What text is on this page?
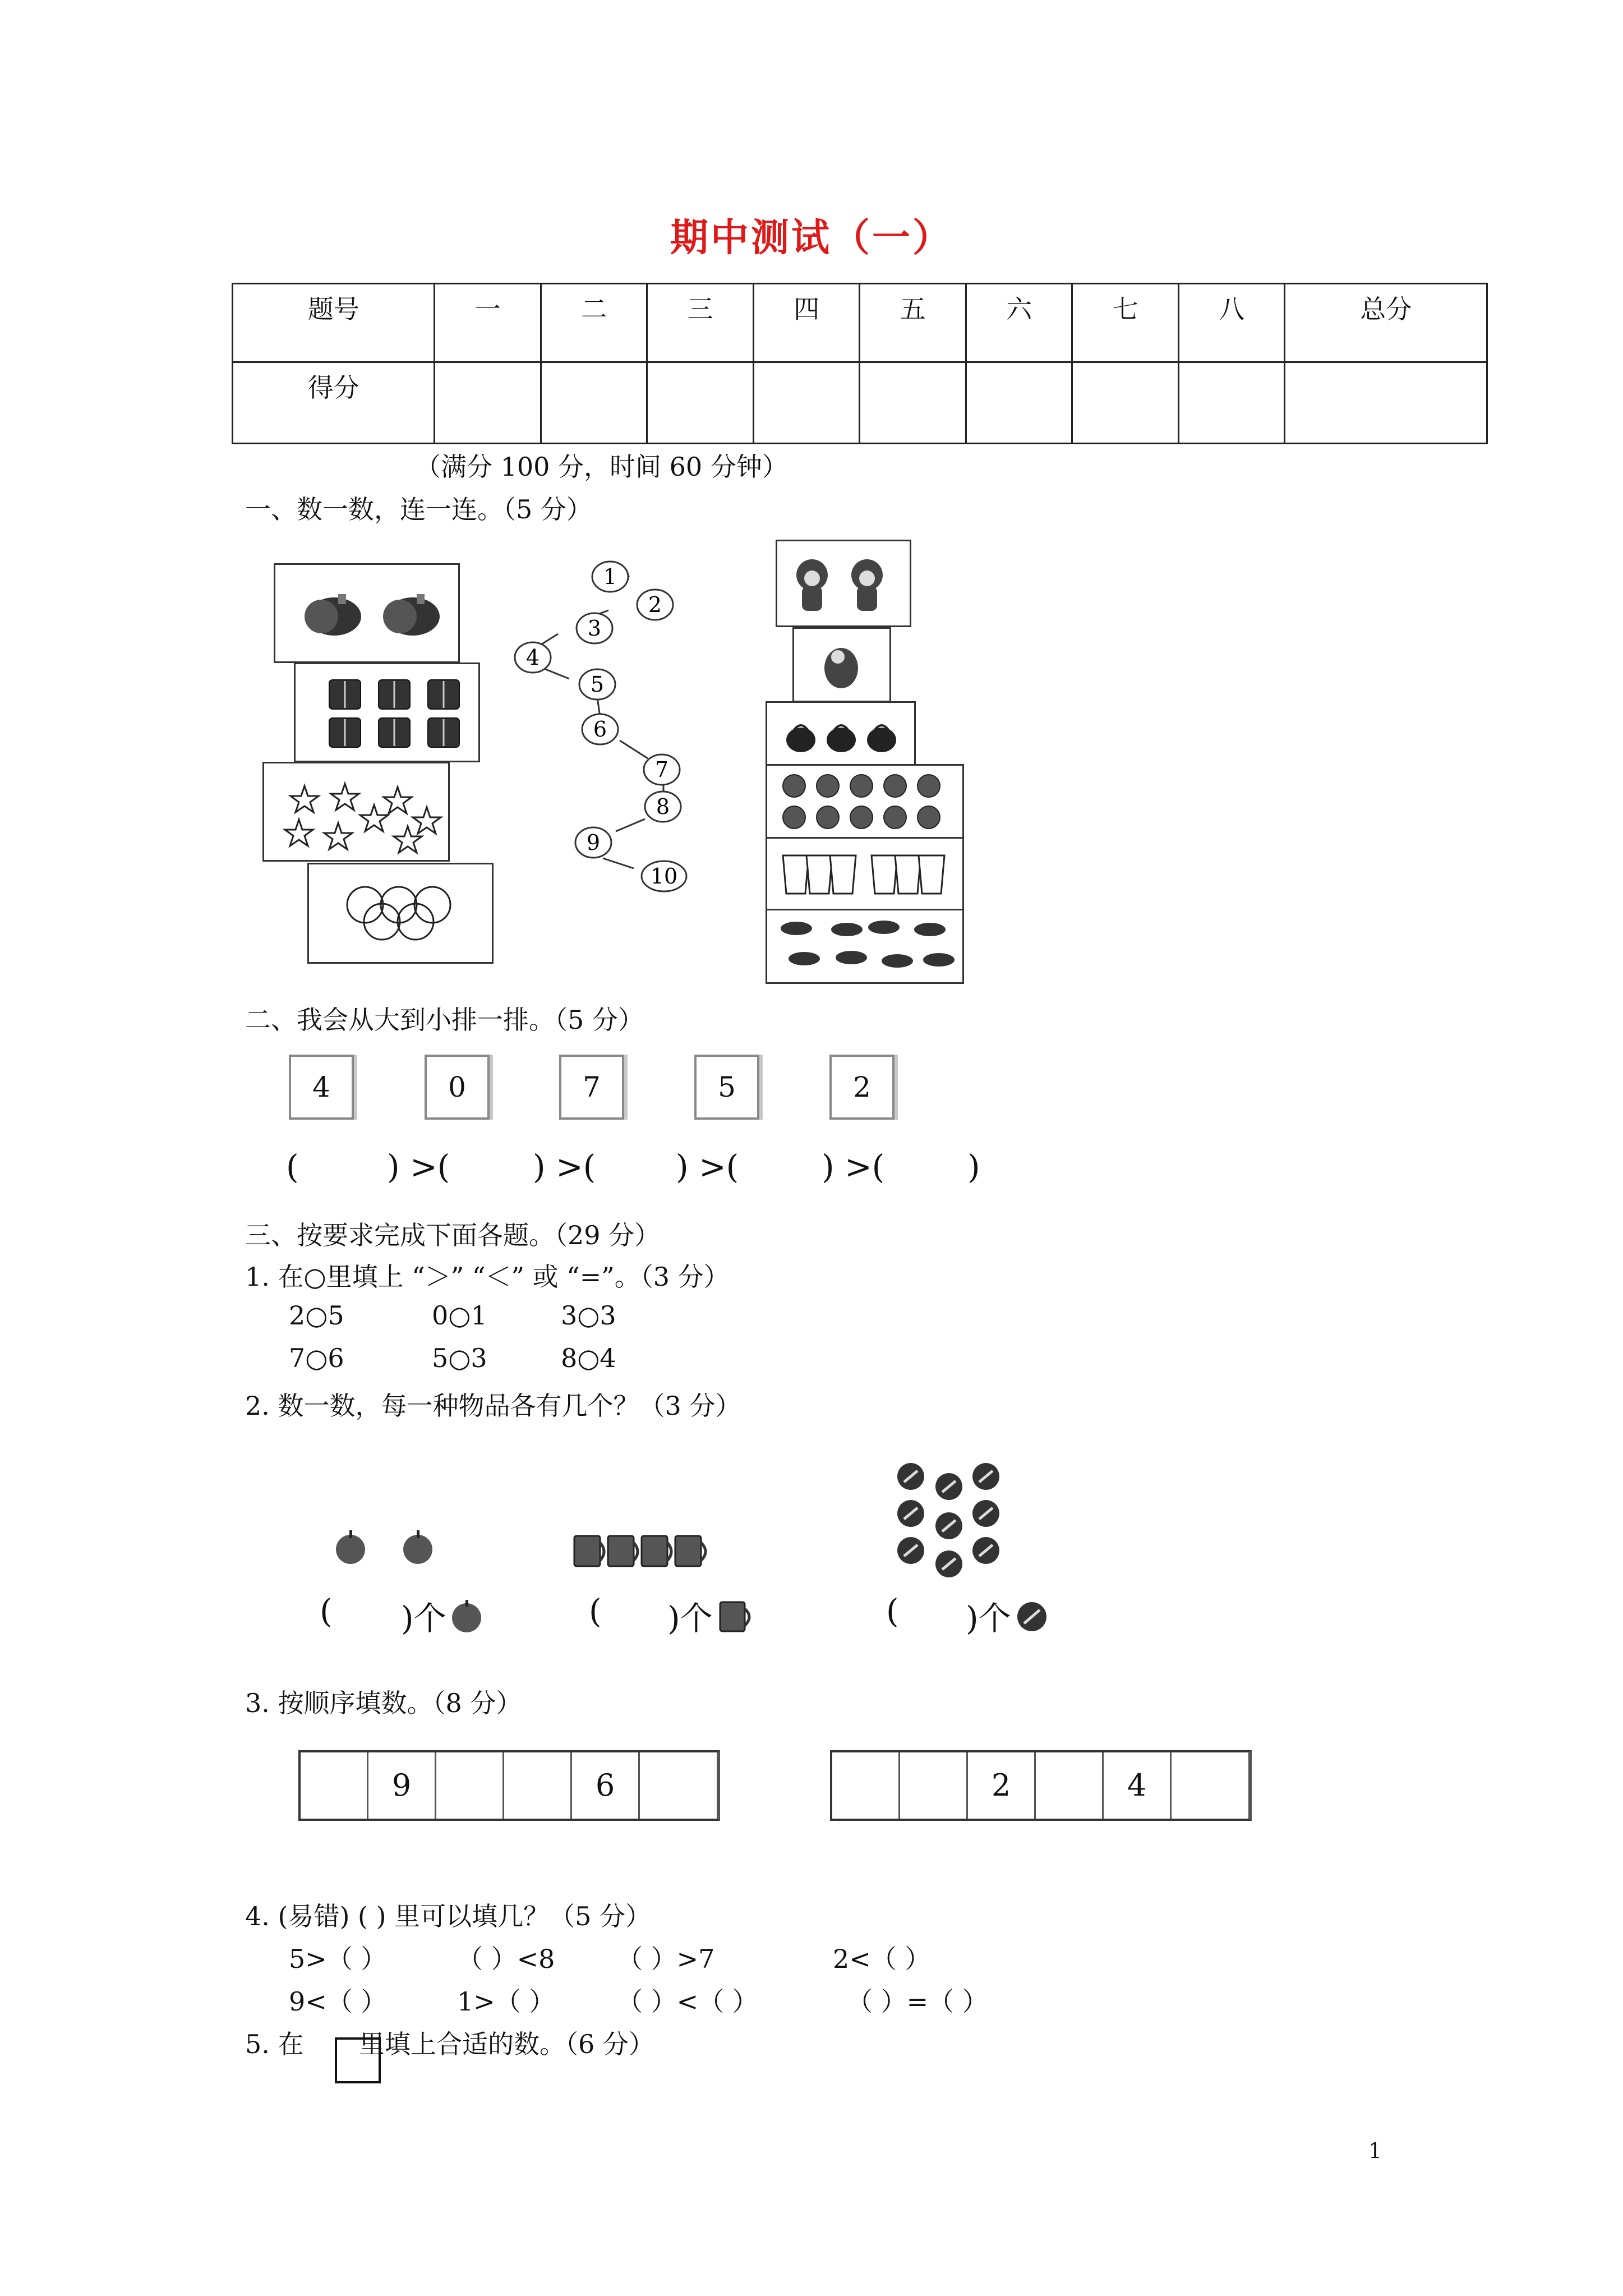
期中测试（一）
题号	一	二	三	四	五	六	七	八	总分
得分									
（满分 100 分，时间 60 分钟）
一、数一数，连一连。（5 分）
1
2
3
4
5
6
7
8
9
10
二、我会从大到小排一排。（5 分）
4	0	7	5	2
(	) >(	) >( ) >(	) >(	)
三、按要求完成下面各题。（29 分）
1. 在○里填上 “＞” “＜” 或 “=”。（3 分）
2○5	0○1	3○3
7○6	5○3	8○4
2. 数一数，每一种物品各有几个？（3 分）
( )个	( )个	( )个
3. 按顺序填数。（8 分）
9	6	2	4
4. (易错) ( ) 里可以填几？（5 分）
5>（ ）	（ ）<8 （ ）>7	2<（ ）
9<（ ）	1>（ ） （ ）<（ ）	（ ）=（ ）
5. 在 里填上合适的数。（6 分）
1
